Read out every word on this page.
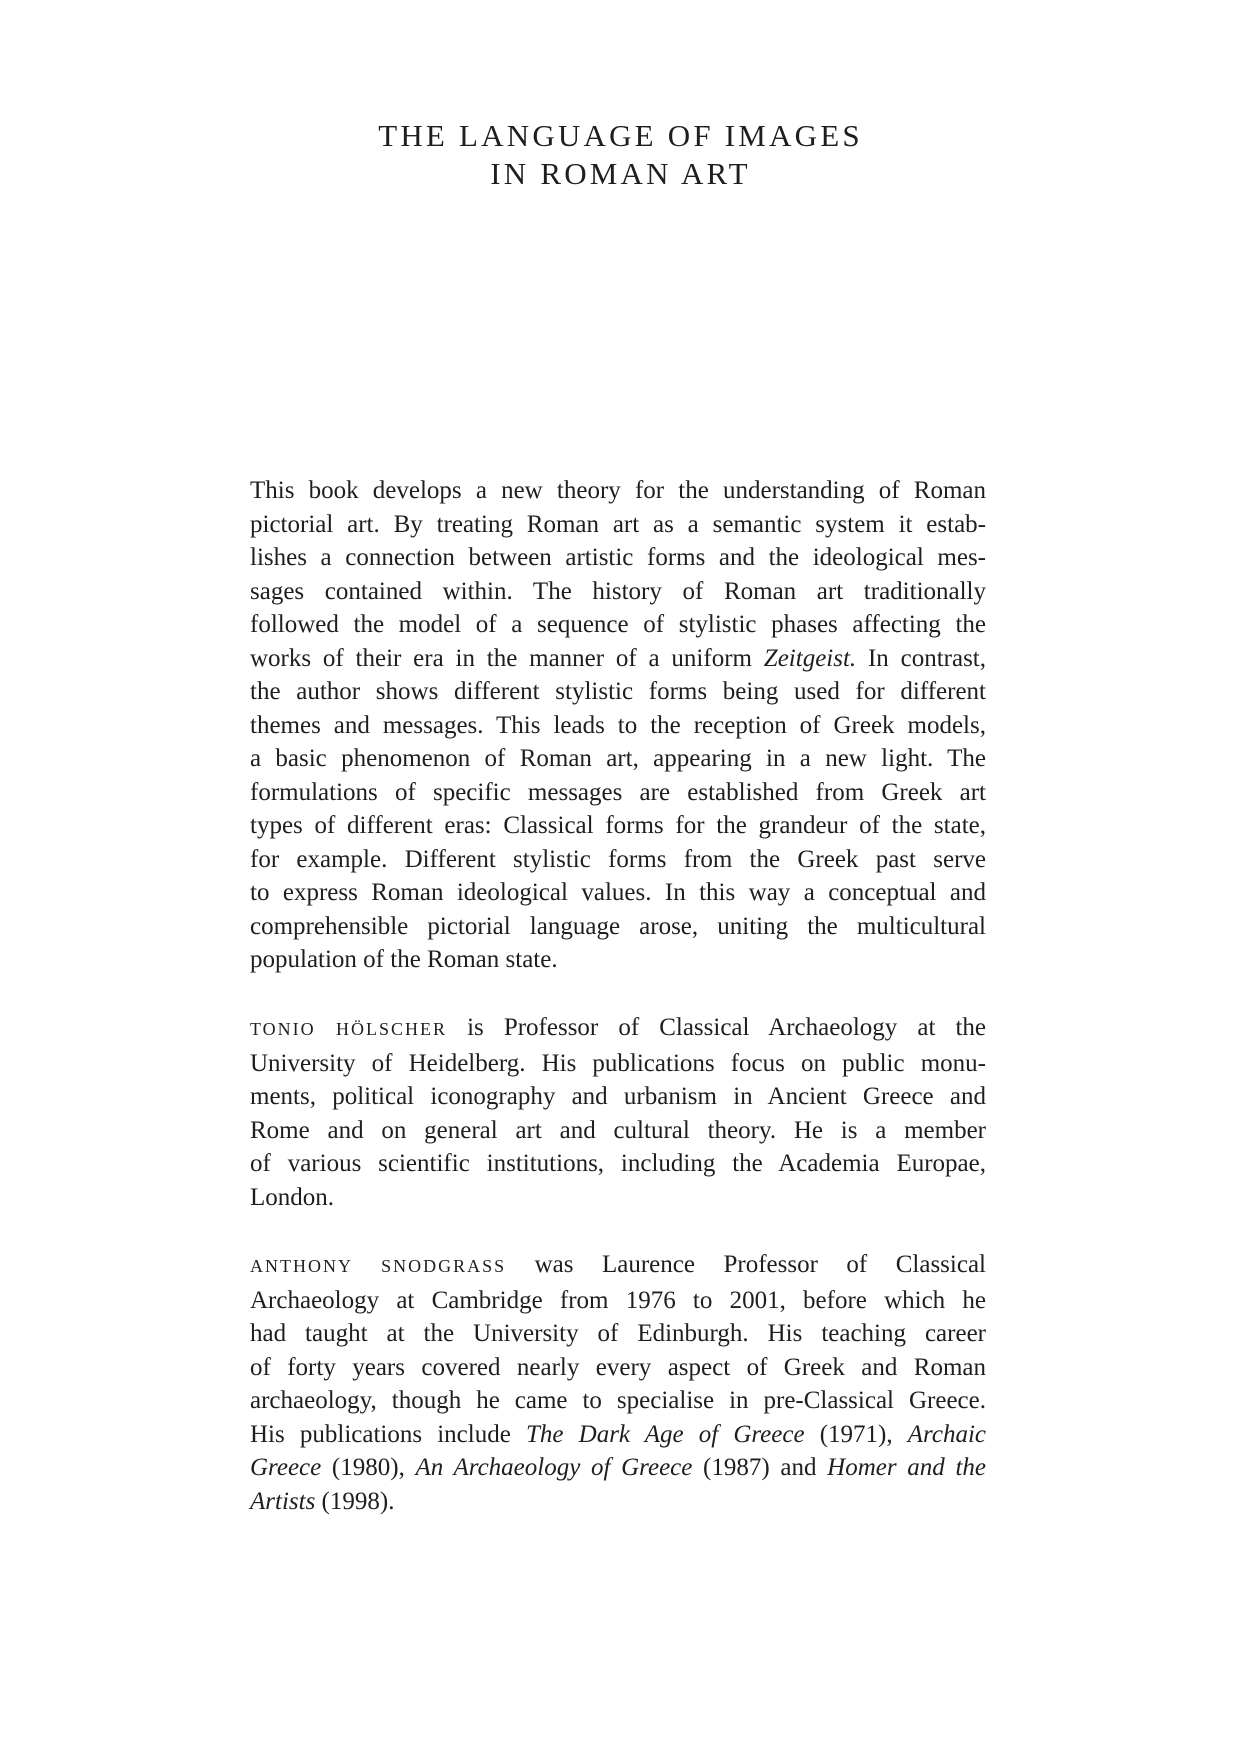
THE LANGUAGE OF IMAGES
IN ROMAN ART
This book develops a new theory for the understanding of Roman
pictorial art. By treating Roman art as a semantic system it estab-
lishes a connection between artistic forms and the ideological mes-
sages contained within. The history of Roman art traditionally
followed the model of a sequence of stylistic phases affecting the
works of their era in the manner of a uniform Zeitgeist. In contrast,
the author shows different stylistic forms being used for different
themes and messages. This leads to the reception of Greek models,
a basic phenomenon of Roman art, appearing in a new light. The
formulations of specific messages are established from Greek art
types of different eras: Classical forms for the grandeur of the state,
for example. Different stylistic forms from the Greek past serve
to express Roman ideological values. In this way a conceptual and
comprehensible pictorial language arose, uniting the multicultural
population of the Roman state.
TONIO HÖLSCHER is Professor of Classical Archaeology at the
University of Heidelberg. His publications focus on public monu-
ments, political iconography and urbanism in Ancient Greece and
Rome and on general art and cultural theory. He is a member
of various scientific institutions, including the Academia Europae,
London.
ANTHONY SNODGRASS was Laurence Professor of Classical
Archaeology at Cambridge from 1976 to 2001, before which he
had taught at the University of Edinburgh. His teaching career
of forty years covered nearly every aspect of Greek and Roman
archaeology, though he came to specialise in pre-Classical Greece.
His publications include The Dark Age of Greece (1971), Archaic
Greece (1980), An Archaeology of Greece (1987) and Homer and the
Artists (1998).
